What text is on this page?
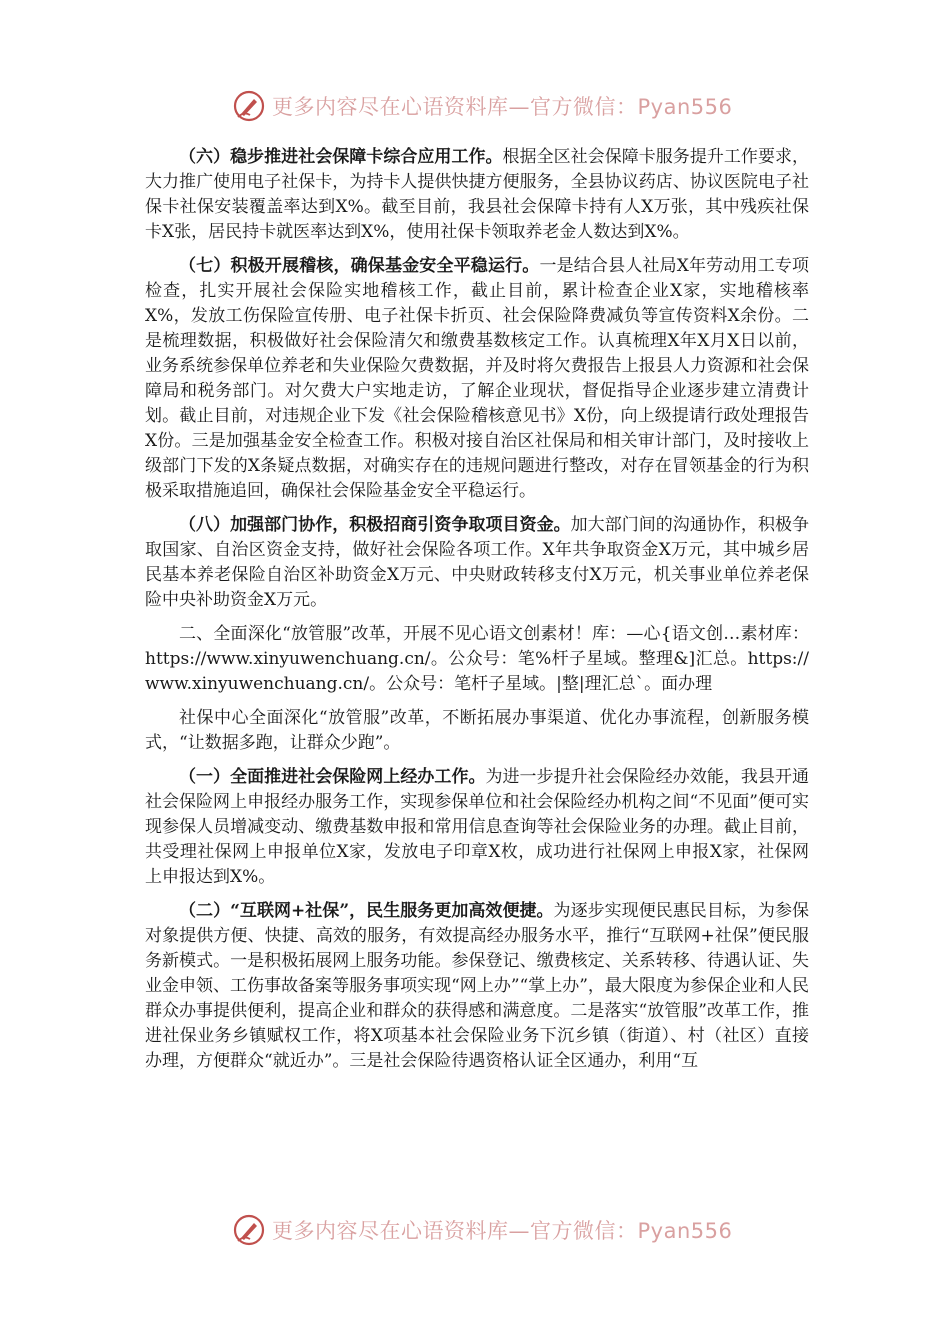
更多内容尽在心语资料库—官方微信：Pyan556

（六）稳步推进社会保障卡综合应用工作。根据全区社会保障卡服务提升工作要求，大力推广使用电子社保卡，为持卡人提供快捷方便服务，全县协议药店、协议医院电子社保卡社保安装覆盖率达到X%。截至目前，我县社会保障卡持有人X万张，其中残疾社保卡X张，居民持卡就医率达到X%，使用社保卡领取养老金人数达到X%。

（七）积极开展稽核，确保基金安全平稳运行。一是结合县人社局X年劳动用工专项检查，扎实开展社会保险实地稽核工作，截止目前，累计检查企业X家，实地稽核率X%，发放工伤保险宣传册、电子社保卡折页、社会保险降费减负等宣传资料X余份。二是梳理数据，积极做好社会保险清欠和缴费基数核定工作。认真梳理X年X月X日以前，业务系统参保单位养老和失业保险欠费数据，并及时将欠费报告上报县人力资源和社会保障局和税务部门。对欠费大户实地走访，了解企业现状，督促指导企业逐步建立清费计划。截止目前，对违规企业下发《社会保险稽核意见书》X份，向上级提请行政处理报告X份。三是加强基金安全检查工作。积极对接自治区社保局和相关审计部门，及时接收上级部门下发的X条疑点数据，对确实存在的违规问题进行整改，对存在冒领基金的行为积极采取措施追回，确保社会保险基金安全平稳运行。

（八）加强部门协作，积极招商引资争取项目资金。加大部门间的沟通协作，积极争取国家、自治区资金支持，做好社会保险各项工作。X年共争取资金X万元，其中城乡居民基本养老保险自治区补助资金X万元、中央财政转移支付X万元，机关事业单位养老保险中央补助资金X万元。

二、全面深化“放管服”改革，开展不见心语文创素材！库：—心{语文创…素材库：https://www.xinyuwenchuang.cn/。公众号：笔%杆子星域。整理&]汇总。https://www.xinyuwenchuang.cn/。公众号：笔杆子星域。|整|理汇总`。面办理

社保中心全面深化“放管服”改革，不断拓展办事渠道、优化办事流程，创新服务模式，“让数据多跑，让群众少跑”。

（一）全面推进社会保险网上经办工作。为进一步提升社会保险经办效能，我县开通社会保险网上申报经办服务工作，实现参保单位和社会保险经办机构之间“不见面”便可实现参保人员增减变动、缴费基数申报和常用信息查询等社会保险业务的办理。截止目前，共受理社保网上申报单位X家，发放电子印章X枚，成功进行社保网上申报X家，社保网上申报达到X%。

（二）“互联网+社保”，民生服务更加高效便捷。为逐步实现便民惠民目标，为参保对象提供方便、快捷、高效的服务，有效提高经办服务水平，推行“互联网+社保”便民服务新模式。一是积极拓展网上服务功能。参保登记、缴费核定、关系转移、待遇认证、失业金申领、工伤事故备案等服务事项实现“网上办”“掌上办”，最大限度为参保企业和人民群众办事提供便利，提高企业和群众的获得感和满意度。二是落实“放管服”改革工作，推进社保业务乡镇赋权工作，将X项基本社会保险业务下沉乡镇（街道）、村（社区）直接办理，方便群众“就近办”。三是社会保险待遇资格认证全区通办，利用“互

更多内容尽在心语资料库—官方微信：Pyan556
